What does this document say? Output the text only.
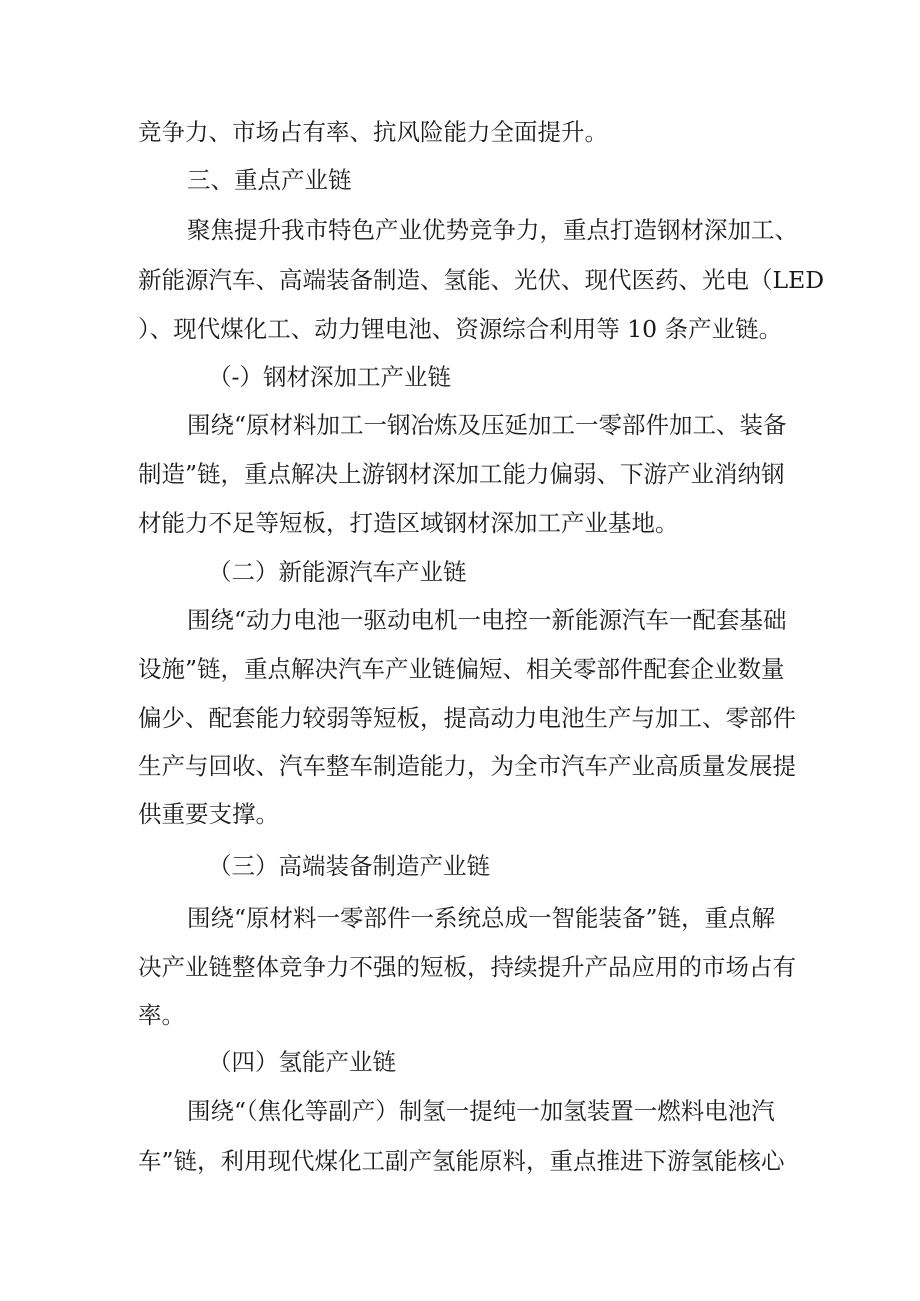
竞争力、市场占有率、抗风险能力全面提升。
三、重点产业链
聚焦提升我市特色产业优势竞争力，重点打造钢材深加工、
新能源汽车、高端装备制造、氢能、光伏、现代医药、光电（LED
）、现代煤化工、动力锂电池、资源综合利用等 10 条产业链。
（-）钢材深加工产业链
围绕“原材料加工一钢冶炼及压延加工一零部件加工、装备
制造”链，重点解决上游钢材深加工能力偏弱、下游产业消纳钢
材能力不足等短板，打造区域钢材深加工产业基地。
（二）新能源汽车产业链
围绕“动力电池一驱动电机一电控一新能源汽车一配套基础
设施”链，重点解决汽车产业链偏短、相关零部件配套企业数量
偏少、配套能力较弱等短板，提高动力电池生产与加工、零部件
生产与回收、汽车整车制造能力，为全市汽车产业高质量发展提
供重要支撑。
（三）高端装备制造产业链
围绕“原材料一零部件一系统总成一智能装备”链，重点解
决产业链整体竞争力不强的短板，持续提升产品应用的市场占有
率。
（四）氢能产业链
围绕“（焦化等副产）制氢一提纯一加氢装置一燃料电池汽
车”链，利用现代煤化工副产氢能原料，重点推进下游氢能核心
